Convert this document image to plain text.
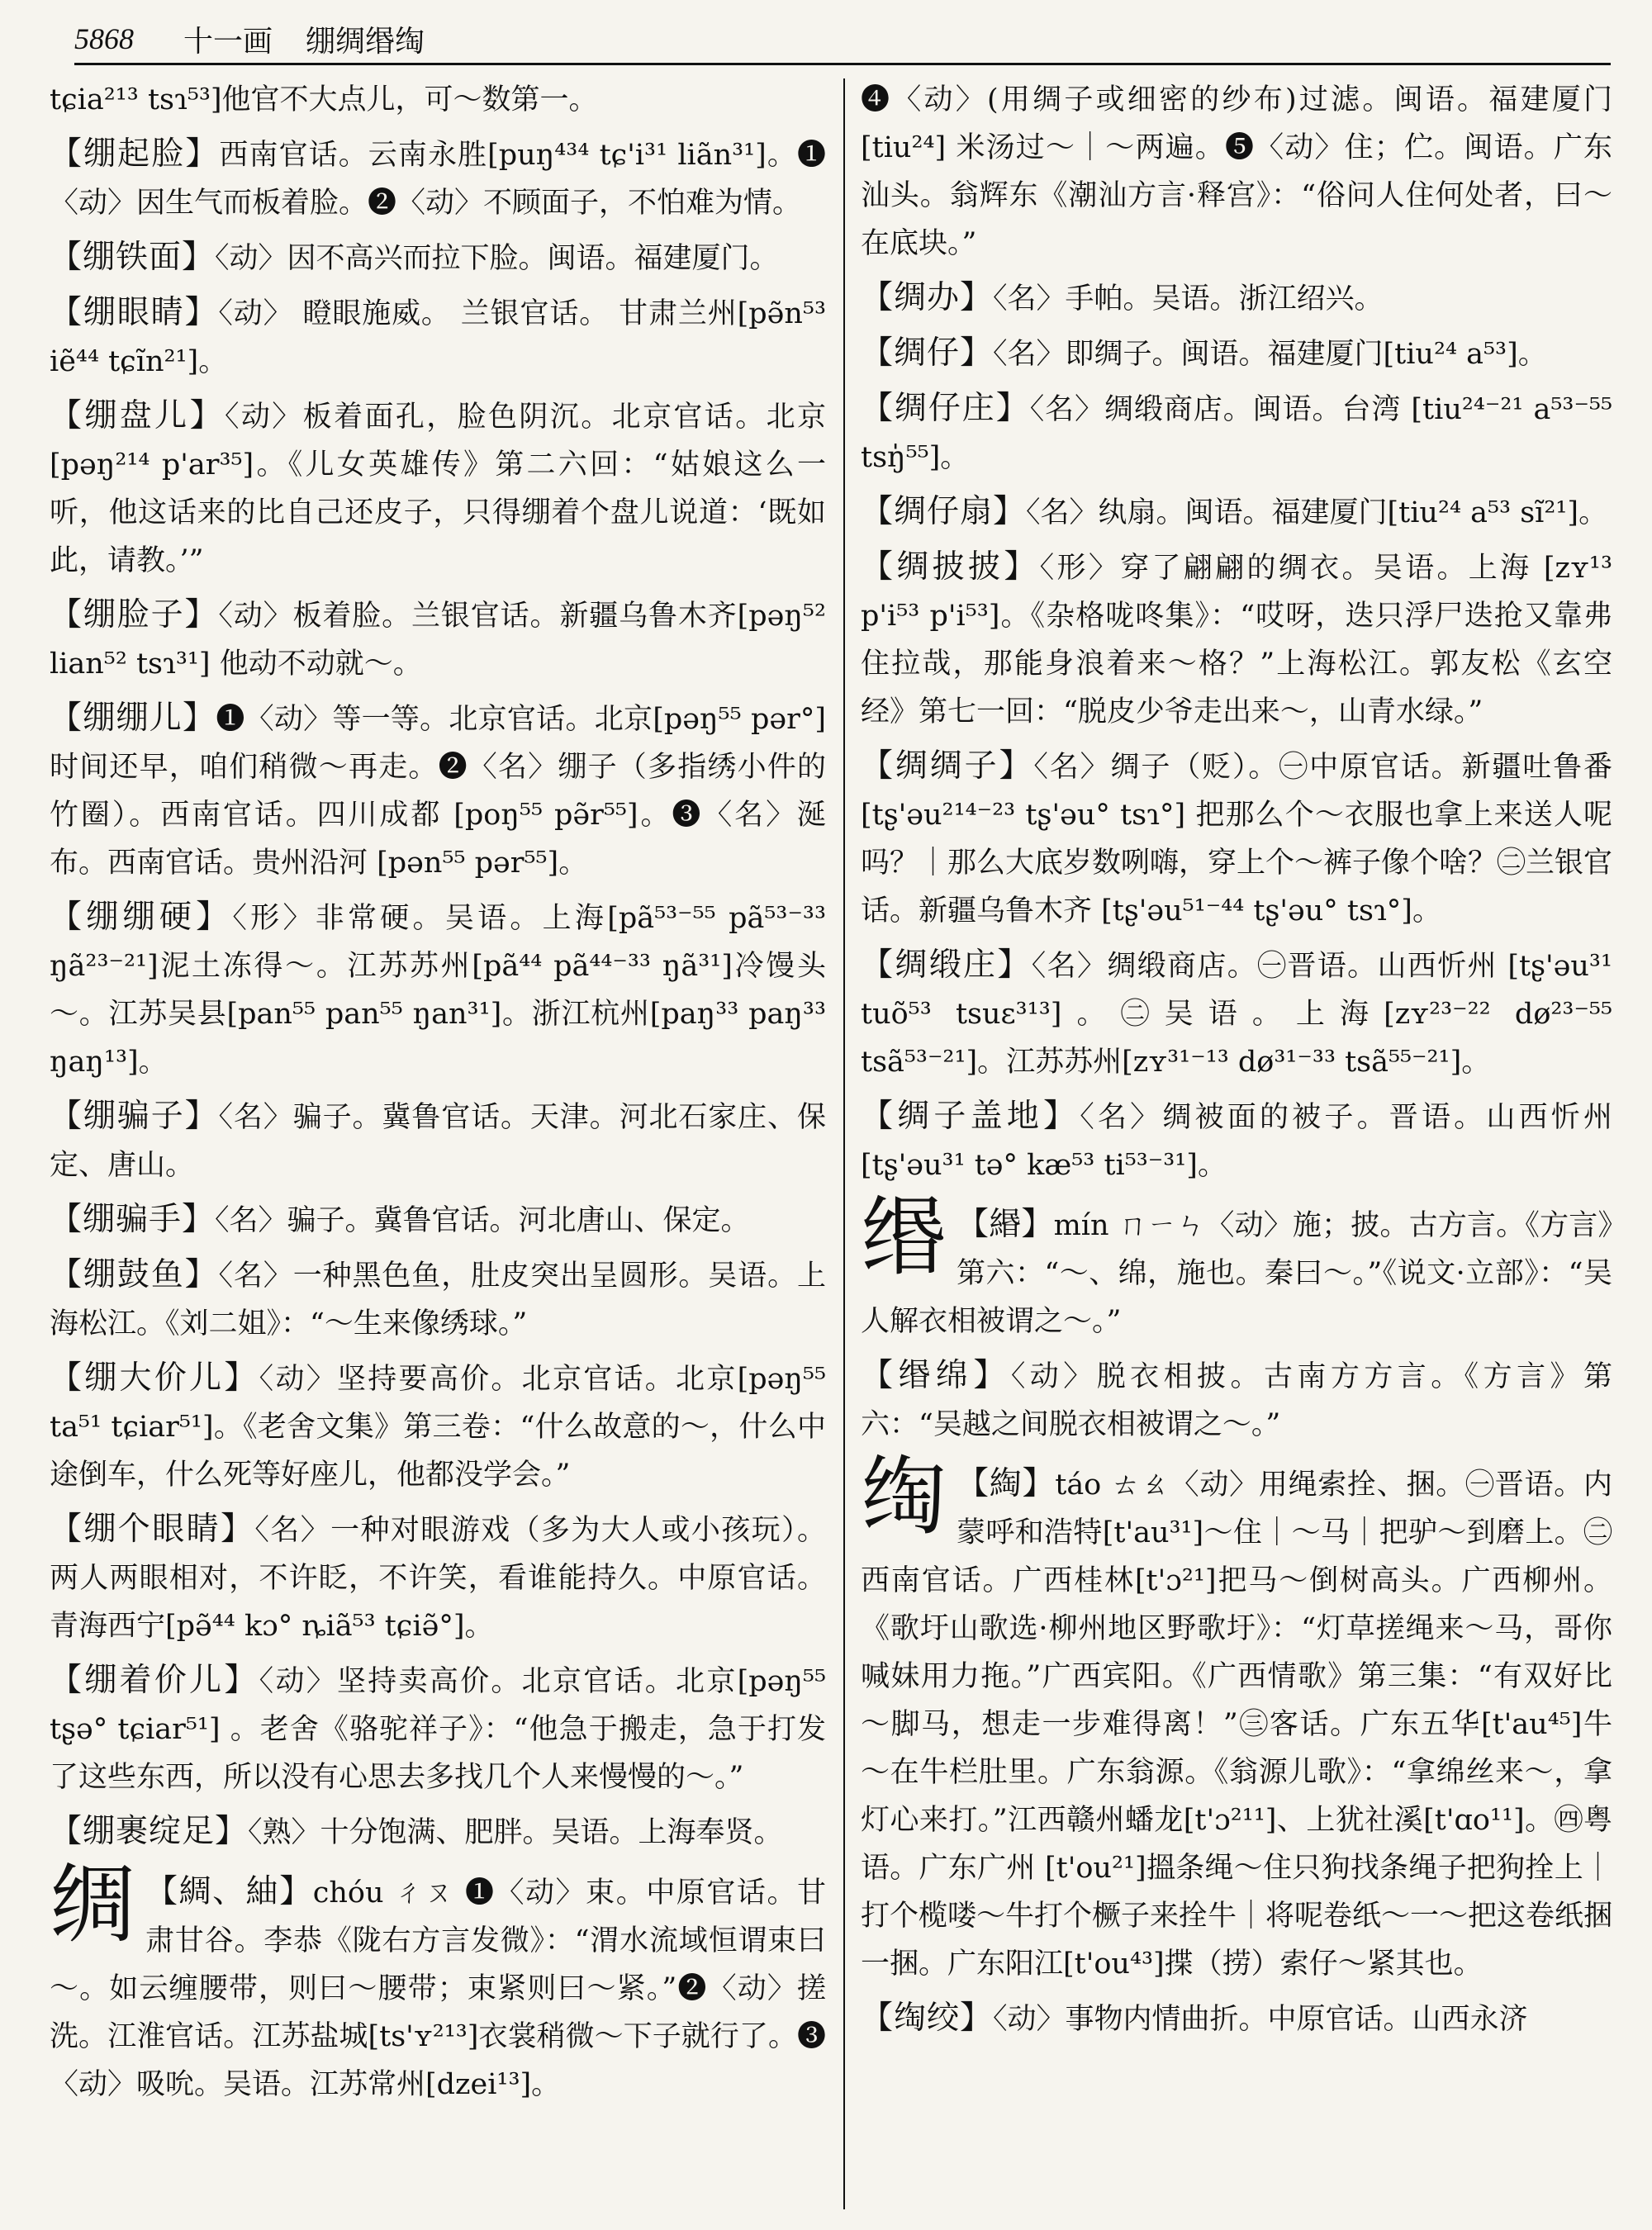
5868 十一画 绷绸缗绹
tɕia²¹³ tsɿ⁵³]他官不大点儿，可～数第一。
【绷起脸】西南官话。云南永胜[puŋ⁴³⁴ tɕ'i³¹ liãn³¹]。❶〈动〉因生气而板着脸。❷〈动〉不顾面子，不怕难为情。
【绷铁面】〈动〉因不高兴而拉下脸。闽语。福建厦门。
【绷眼睛】〈动〉 瞪眼施威。 兰银官话。 甘肃兰州[pə̃n⁵³ iẽ⁴⁴ tɕĩn²¹]。
【绷盘儿】〈动〉板着面孔，脸色阴沉。北京官话。北京[pəŋ²¹⁴ p'ar³⁵]。《儿女英雄传》第二六回：“姑娘这么一听，他这话来的比自己还皮子，只得绷着个盘儿说道：‘既如此，请教。’”
【绷脸子】〈动〉板着脸。兰银官话。新疆乌鲁木齐[pəŋ⁵² lian⁵² tsɿ³¹] 他动不动就～。
【绷绷儿】❶〈动〉等一等。北京官话。北京[pəŋ⁵⁵ pər°]时间还早，咱们稍微～再走。❷〈名〉绷子（多指绣小件的竹圈）。西南官话。四川成都 [poŋ⁵⁵ pə̃r⁵⁵]。❸〈名〉涎布。西南官话。贵州沿河 [pən⁵⁵ pər⁵⁵]。
【绷绷硬】〈形〉非常硬。吴语。上海[pã⁵³⁻⁵⁵ pã⁵³⁻³³ ŋã²³⁻²¹]泥土冻得～。江苏苏州[pã⁴⁴ pã⁴⁴⁻³³ ŋã³¹]冷馒头～。江苏吴县[pan⁵⁵ pan⁵⁵ ŋan³¹]。浙江杭州[paŋ³³ paŋ³³ ŋaŋ¹³]。
【绷骗子】〈名〉骗子。冀鲁官话。天津。河北石家庄、保定、唐山。
【绷骗手】〈名〉骗子。冀鲁官话。河北唐山、保定。
【绷鼓鱼】〈名〉一种黑色鱼，肚皮突出呈圆形。吴语。上海松江。《刘二姐》：“～生来像绣球。”
【绷大价儿】〈动〉坚持要高价。北京官话。北京[pəŋ⁵⁵ ta⁵¹ tɕiar⁵¹]。《老舍文集》第三卷：“什么故意的～，什么中途倒车，什么死等好座儿，他都没学会。”
【绷个眼睛】〈名〉一种对眼游戏（多为大人或小孩玩）。两人两眼相对，不许眨，不许笑，看谁能持久。中原官话。青海西宁[pə̃⁴⁴ kɔ° ȵiã⁵³ tɕiə̃°]。
【绷着价儿】〈动〉坚持卖高价。北京官话。北京[pəŋ⁵⁵ tʂə° tɕiar⁵¹] 。老舍《骆驼祥子》：“他急于搬走，急于打发了这些东西，所以没有心思去多找几个人来慢慢的～。”
【绷裹绽足】〈熟〉十分饱满、肥胖。吴语。上海奉贤。
绸 【綢、紬】chóu ㄔㄡ ❶〈动〉束。中原官话。甘肃甘谷。李恭《陇右方言发微》：“渭水流域恒谓束曰～。如云缠腰带，则曰～腰带；束紧则曰～紧。”❷〈动〉搓洗。江淮官话。江苏盐城[ts'ʏ²¹³]衣裳稍微～下子就行了。❸〈动〉吸吮。吴语。江苏常州[dzei¹³]。
❹〈动〉(用绸子或细密的纱布)过滤。闽语。福建厦门[tiu²⁴] 米汤过～｜～两遍。❺〈动〉住；伫。闽语。广东汕头。翁辉东《潮汕方言·释宫》：“俗问人住何处者，曰～在底块。”
【绸办】〈名〉手帕。吴语。浙江绍兴。
【绸仔】〈名〉即绸子。闽语。福建厦门[tiu²⁴ a⁵³]。
【绸仔庄】〈名〉绸缎商店。闽语。台湾 [tiu²⁴⁻²¹ a⁵³⁻⁵⁵ tsŋ̍⁵⁵]。
【绸仔扇】〈名〉纨扇。闽语。福建厦门[tiu²⁴ a⁵³ sĩ²¹]。
【绸披披】〈形〉穿了翩翩的绸衣。吴语。上海 [zʏ¹³ p'i⁵³ p'i⁵³]。《杂格咙咚集》：“哎呀，迭只浮尸迭抢又靠弗住拉哉，那能身浪着来～格？”上海松江。郭友松《玄空经》第七一回：“脱皮少爷走出来～，山青水绿。”
【绸绸子】〈名〉绸子（贬）。㊀中原官话。新疆吐鲁番[tʂ'əu²¹⁴⁻²³ tʂ'əu° tsɿ°] 把那么个～衣服也拿上来送人呢吗？｜那么大底岁数咧嗨，穿上个～裤子像个啥？㊁兰银官话。新疆乌鲁木齐 [tʂ'əu⁵¹⁻⁴⁴ tʂ'əu° tsɿ°]。
【绸缎庄】〈名〉绸缎商店。㊀晋语。山西忻州 [tʂ'əu³¹ tuõ⁵³ tsuɛ³¹³]。㊁吴语。上海[zʏ²³⁻²² dø²³⁻⁵⁵ tsã⁵³⁻²¹]。江苏苏州[zʏ³¹⁻¹³ dø³¹⁻³³ tsã⁵⁵⁻²¹]。
【绸子盖地】〈名〉绸被面的被子。晋语。山西忻州[tʂ'əu³¹ tə° kæ⁵³ ti⁵³⁻³¹]。
缗 【緡】mín ㄇㄧㄣ〈动〉施；披。古方言。《方言》第六：“～、绵，施也。秦曰～。”《说文·立部》：“吴人解衣相被谓之～。”
【缗绵】〈动〉脱衣相披。古南方方言。《方言》第六：“吴越之间脱衣相被谓之～。”
绹 【綯】táo ㄊㄠ〈动〉用绳索拴、捆。㊀晋语。内蒙呼和浩特[t'au³¹]～住｜～马｜把驴～到磨上。㊁西南官话。广西桂林[t'ɔ²¹]把马～倒树高头。广西柳州。《歌圩山歌选·柳州地区野歌圩》：“灯草搓绳来～马，哥你喊妹用力拖。”广西宾阳。《广西情歌》第三集：“有双好比～脚马，想走一步难得离！”㊂客话。广东五华[t'au⁴⁵]牛～在牛栏肚里。广东翁源。《翁源儿歌》：“拿绵丝来～，拿灯心来打。”江西赣州蟠龙[t'ɔ²¹¹]、上犹社溪[t'ɑo¹¹]。㊃粤语。广东广州 [t'ou²¹]搵条绳～住只狗找条绳子把狗拴上｜打个榄喽～牛打个橛子来拴牛｜将呢卷纸～一～把这卷纸捆一捆。广东阳江[t'ou⁴³]揲（捞）索仔～紧其也。
【绹绞】〈动〉事物内情曲折。中原官话。山西永济
